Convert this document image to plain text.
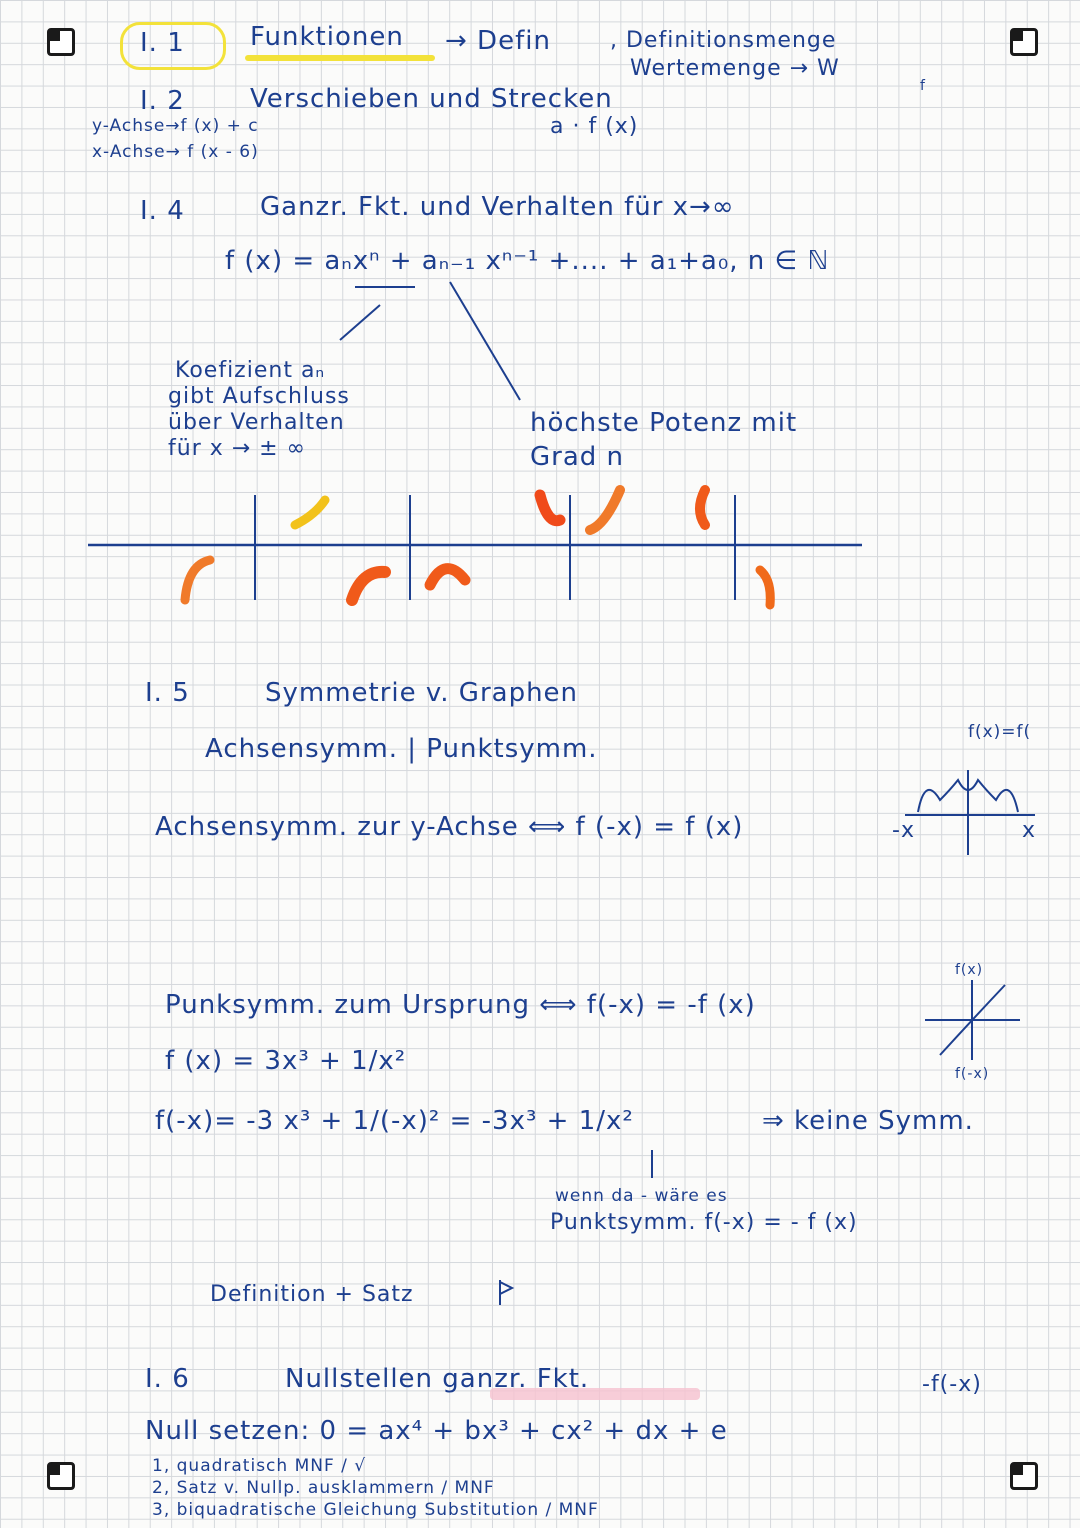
I. 1	Funktionen → Defin	, Definitionsmenge
Wertemenge → W
f
I. 2	Verschieben und Strecken
y-Achse→f (x) + c
x-Achse→ f (x - 6)
a · f (x)
I. 4	Ganzr. Fkt. und Verhalten für x→∞
f (x) = aₙxⁿ + aₙ₋₁ xⁿ⁻¹ +.... + a₁+a₀, n ∈ ℕ
Koefizient aₙ
gibt Aufschluss
über Verhalten
für x → ± ∞
höchste Potenz mit
Grad n
I. 5	Symmetrie v. Graphen
Achsensymm. | Punktsymm.
Achsensymm. zur y-Achse ⟺ f (-x) = f (x)
f(x)=f(
Punksymm. zum Ursprung ⟺ f(-x) = -f (x)
f (x) = 3x³ + 1/x²
f(-x)= -3 x³ + 1/(-x)² = -3x³ + 1/x²	⇒ keine Symm.
wenn da - wäre es
Punktsymm. f(-x) = - f (x)
f(x)
f(-x)
Definition + Satz
I. 6	Nullstellen ganzr. Fkt.
Null setzen: 0 = ax⁴ + bx³ + cx² + dx + e
-f(-x)
1, quadratisch MNF / √
2, Satz v. Nullp. ausklammern / MNF
3, biquadratische Gleichung Substitution / MNF
-x	x
